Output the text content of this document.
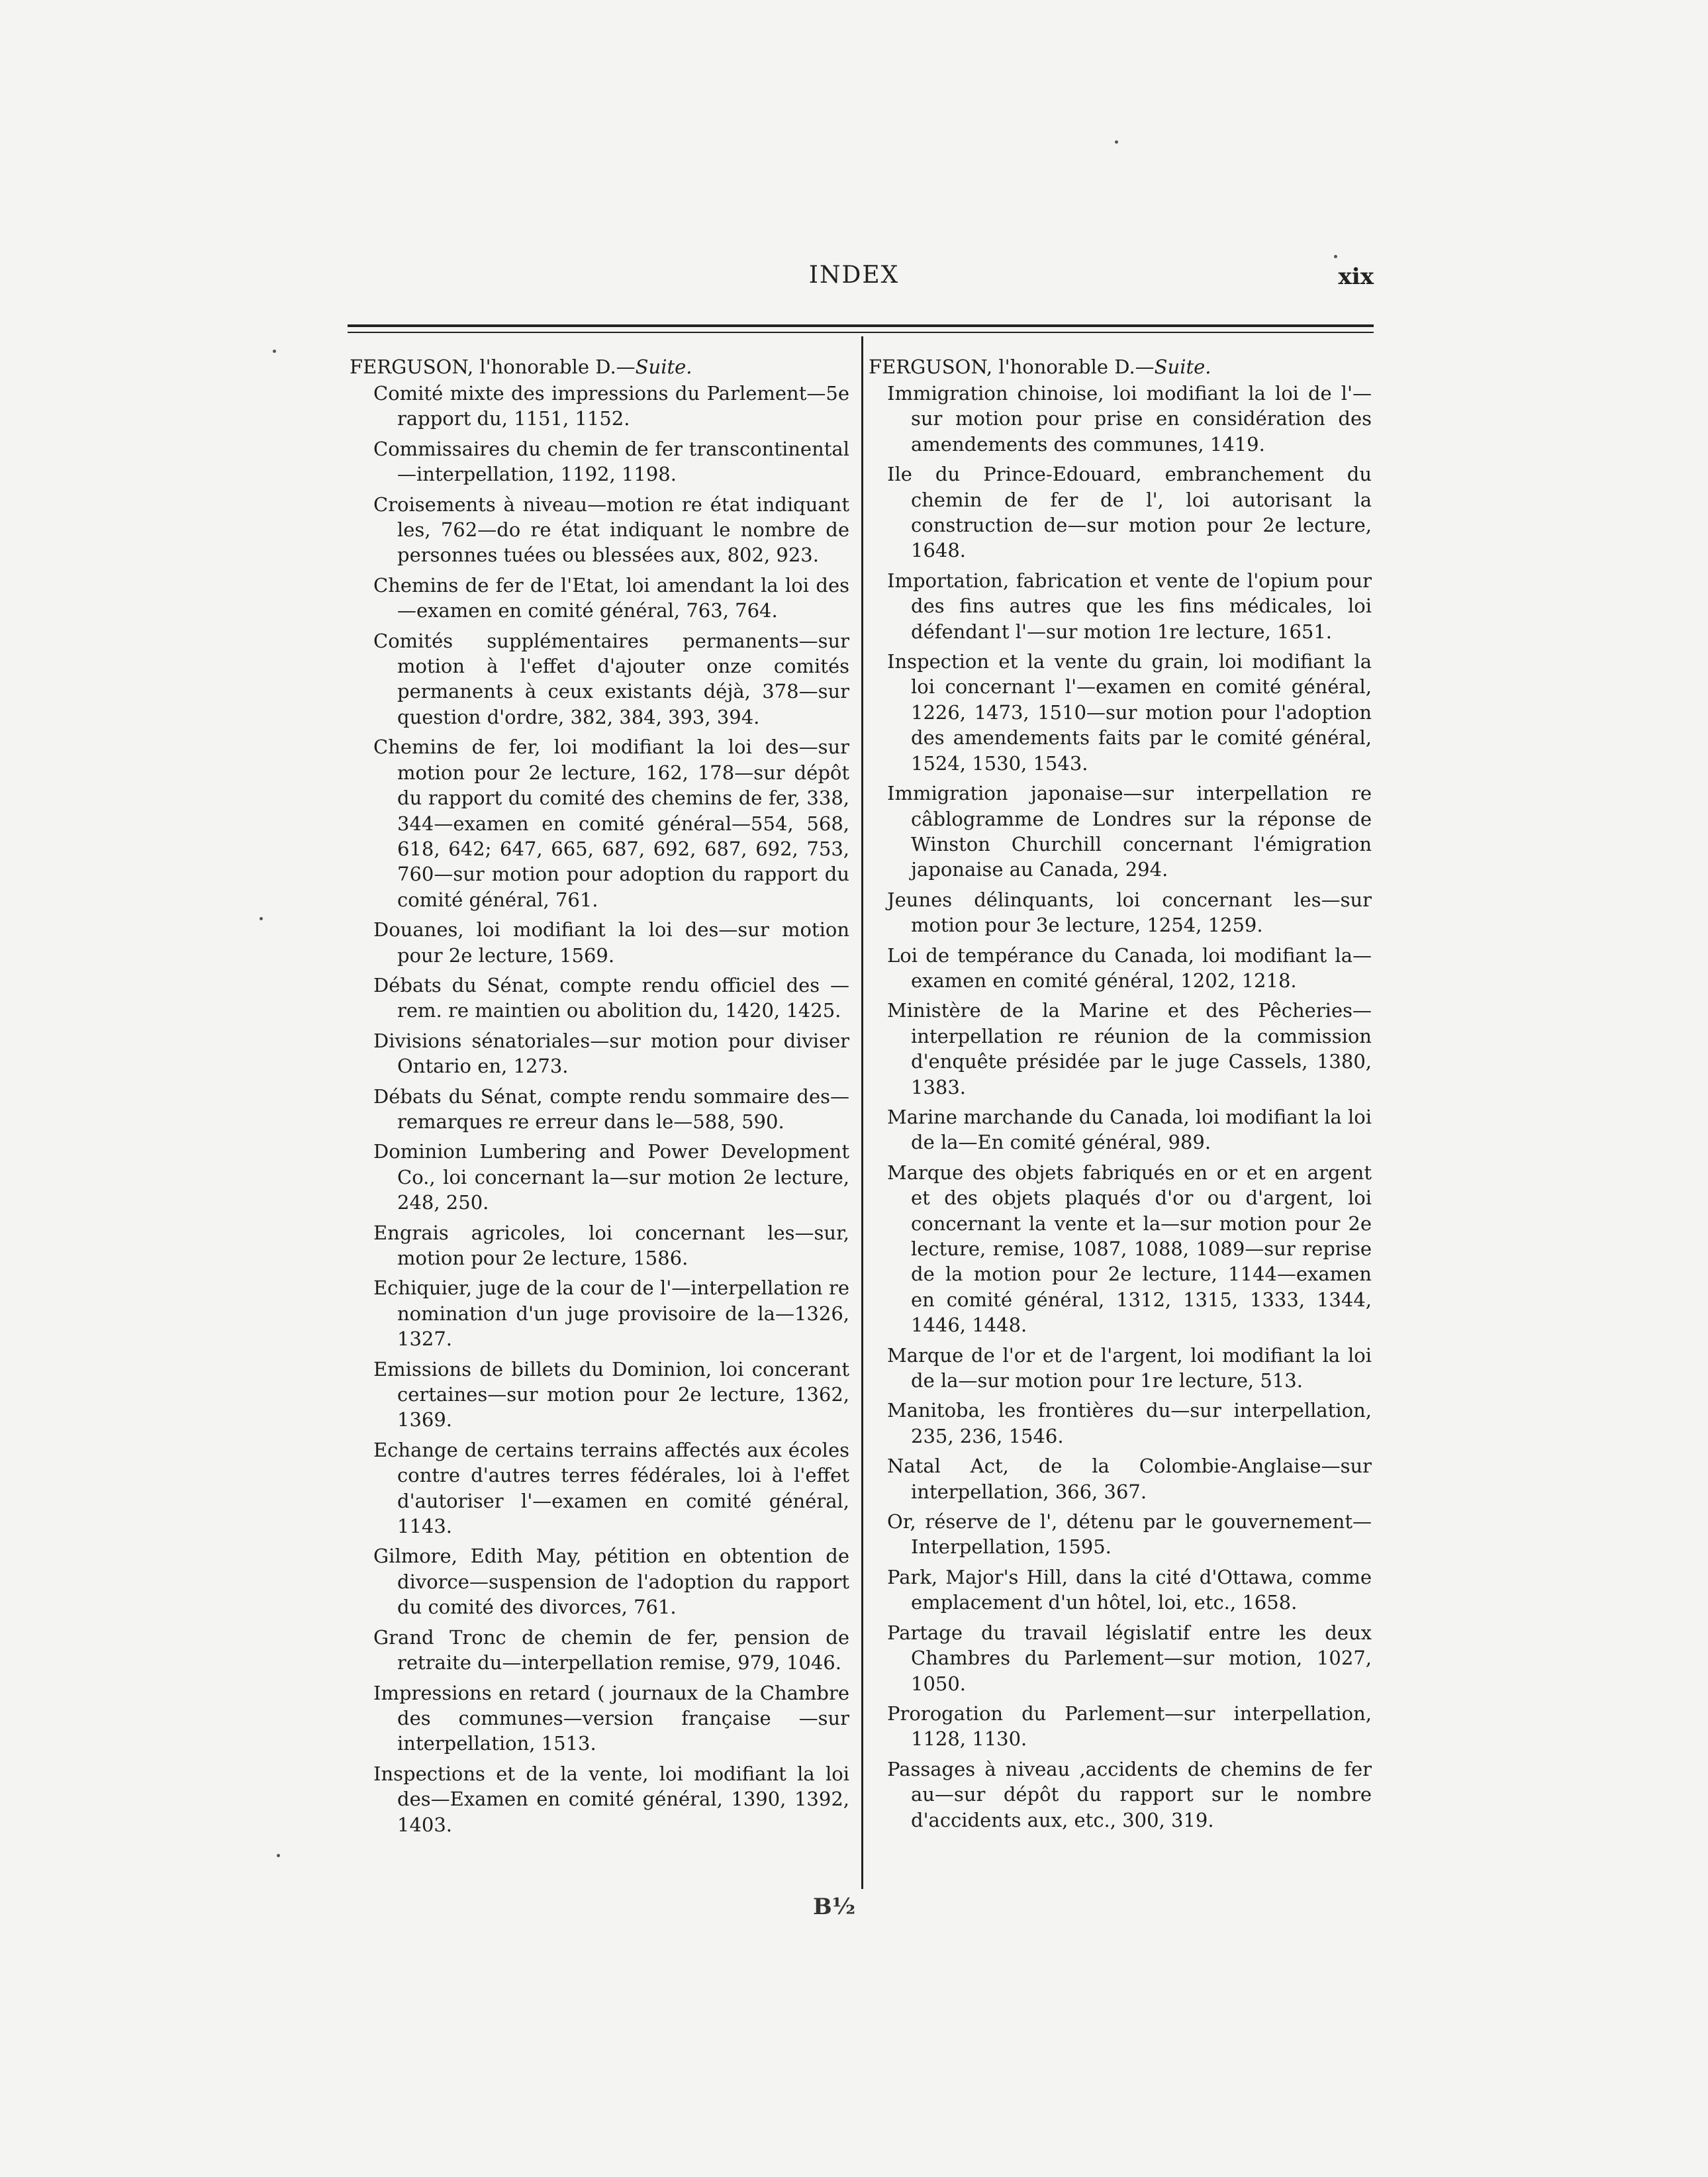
INDEX	xix
FERGUSON, l'honorable D.—Suite.
Comité mixte des impressions du Parlement—5e rapport du, 1151, 1152.
Commissaires du chemin de fer transcontinental—interpellation, 1192, 1198.
Croisements à niveau—motion re état indiquant les, 762—do re état indiquant le nombre de personnes tuées ou blessées aux, 802, 923.
Chemins de fer de l'Etat, loi amendant la loi des—examen en comité général, 763, 764.
Comités supplémentaires permanents—sur motion à l'effet d'ajouter onze comités permanents à ceux existants déjà, 378—sur question d'ordre, 382, 384, 393, 394.
Chemins de fer, loi modifiant la loi des—sur motion pour 2e lecture, 162, 178—sur dépôt du rapport du comité des chemins de fer, 338, 344—examen en comité général—554, 568, 618, 642; 647, 665, 687, 692, 687, 692, 753, 760—sur motion pour adoption du rapport du comité général, 761.
Douanes, loi modifiant la loi des—sur motion pour 2e lecture, 1569.
Débats du Sénat, compte rendu officiel des —rem. re maintien ou abolition du, 1420, 1425.
Divisions sénatoriales—sur motion pour diviser Ontario en, 1273.
Débats du Sénat, compte rendu sommaire des—remarques re erreur dans le—588, 590.
Dominion Lumbering and Power Development Co., loi concernant la—sur motion 2e lecture, 248, 250.
Engrais agricoles, loi concernant les—sur, motion pour 2e lecture, 1586.
Echiquier, juge de la cour de l'—interpellation re nomination d'un juge provisoire de la—1326, 1327.
Emissions de billets du Dominion, loi concerant certaines—sur motion pour 2e lecture, 1362, 1369.
Echange de certains terrains affectés aux écoles contre d'autres terres fédérales, loi à l'effet d'autoriser l'—examen en comité général, 1143.
Gilmore, Edith May, pétition en obtention de divorce—suspension de l'adoption du rapport du comité des divorces, 761.
Grand Tronc de chemin de fer, pension de retraite du—interpellation remise, 979, 1046.
Impressions en retard ( journaux de la Chambre des communes—version française —sur interpellation, 1513.
Inspections et de la vente, loi modifiant la loi des—Examen en comité général, 1390, 1392, 1403.
FERGUSON, l'honorable D.—Suite.
Immigration chinoise, loi modifiant la loi de l'—sur motion pour prise en considération des amendements des communes, 1419.
Ile du Prince-Edouard, embranchement du chemin de fer de l', loi autorisant la construction de—sur motion pour 2e lecture, 1648.
Importation, fabrication et vente de l'opium pour des fins autres que les fins médicales, loi défendant l'—sur motion 1re lecture, 1651.
Inspection et la vente du grain, loi modifiant la loi concernant l'—examen en comité général, 1226, 1473, 1510—sur motion pour l'adoption des amendements faits par le comité général, 1524, 1530, 1543.
Immigration japonaise—sur interpellation re câblogramme de Londres sur la réponse de Winston Churchill concernant l'émigration japonaise au Canada, 294.
Jeunes délinquants, loi concernant les—sur motion pour 3e lecture, 1254, 1259.
Loi de tempérance du Canada, loi modifiant la—examen en comité général, 1202, 1218.
Ministère de la Marine et des Pêcheries—interpellation re réunion de la commission d'enquête présidée par le juge Cassels, 1380, 1383.
Marine marchande du Canada, loi modifiant la loi de la—En comité général, 989.
Marque des objets fabriqués en or et en argent et des objets plaqués d'or ou d'argent, loi concernant la vente et la—sur motion pour 2e lecture, remise, 1087, 1088, 1089—sur reprise de la motion pour 2e lecture, 1144—examen en comité général, 1312, 1315, 1333, 1344, 1446, 1448.
Marque de l'or et de l'argent, loi modifiant la loi de la—sur motion pour 1re lecture, 513.
Manitoba, les frontières du—sur interpellation, 235, 236, 1546.
Natal Act, de la Colombie-Anglaise—sur interpellation, 366, 367.
Or, réserve de l', détenu par le gouvernement—Interpellation, 1595.
Park, Major's Hill, dans la cité d'Ottawa, comme emplacement d'un hôtel, loi, etc., 1658.
Partage du travail législatif entre les deux Chambres du Parlement—sur motion, 1027, 1050.
Prorogation du Parlement—sur interpellation, 1128, 1130.
Passages à niveau ,accidents de chemins de fer au—sur dépôt du rapport sur le nombre d'accidents aux, etc., 300, 319.
B½
